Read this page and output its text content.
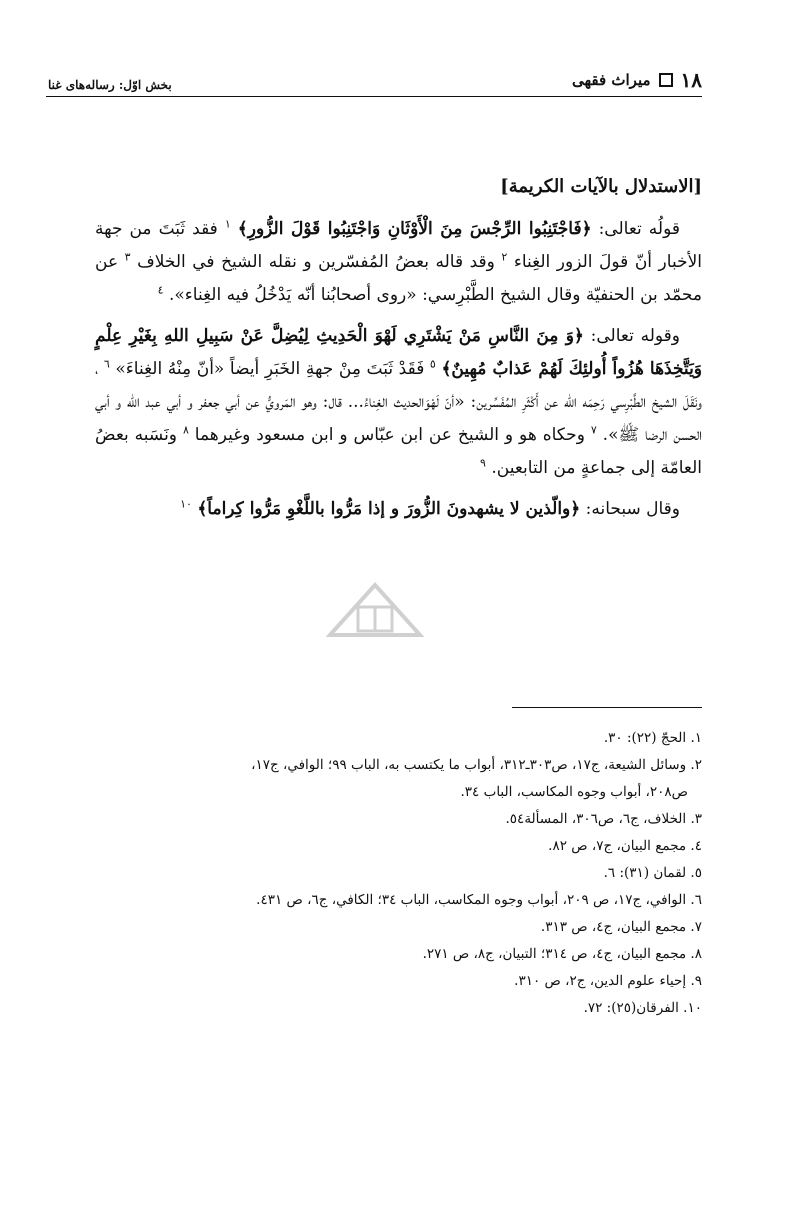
۱۸
میراث فقهی
بخش اوّل: رساله‌های غنا

[الاستدلال بالآيات الكريمة]

قولُه تعالى: ﴿فَاجْتَنِبُوا الرِّجْسَ مِنَ الْأَوْثَانِ وَاجْتَنِبُوا قَوْلَ الزُّورِ﴾ $^١$ فقد ثَبَتَ من جهة الأخبار أنّ قولَ الزور الغِناء $^٢$ وقد قاله بعضُ المُفسّرين و نقله الشيخ في الخلاف $^٣$ عن محمّد بن الحنفيّة وقال الشيخ الطَّبْرِسي: «روى أصحابُنا أنّه يَدْخُلُ فيه الغِناء». $^٤$

وقوله تعالى: ﴿وَ مِنَ النَّاسِ مَنْ يَشْتَرِي لَهْوَ الْحَدِيثِ لِيُضِلَّ عَنْ سَبِيلِ اللهِ بِغَيْرِ عِلْمٍ وَيَتَّخِذَهَا هُزُواً أُولئِكَ لَهُمْ عَذابٌ مُهِينٌ﴾ $^٥$ فَقَدْ ثَبَتَ مِنْ جهةِ الخَبَرِ أيضاً «أنّ مِنْهُ الغِناءَ» $^٦$ ، ونَقَلَ الشيخ الطَّبْرِسي رَحِمَه الله عن أَكْثَرِ المُفَسِّرين: «أنّ لَهْوَالحديث الغِناءُ... قال: وهو المَرويُّ عن أبي جعفر و أبي عبد الله و أبي الحسن الرضا ﷺ». $^٧$ وحكاه هو و الشيخ عن ابن عبّاس و ابن مسعود وغيرهما $^٨$ ونَسَبه بعضُ العامّة إلى جماعةٍ من التابعين. $^٩$

وقال سبحانه: ﴿والّذين لا يشهدونَ الزُّورَ و إذا مَرُّوا باللَّغْوِ مَرُّوا كِراماً﴾ $^{١٠}$

١. الحجّ (٢٢): ٣٠.

٢. وسائل الشيعة، ج١٧، ص٣٠٣ـ٣١٢، أبواب ما يكتسب به، الباب ٩٩؛ الوافي، ج١٧،

ص٢٠٨، أبواب وجوه المكاسب، الباب ٣٤.

٣. الخلاف، ج٦، ص٣٠٦، المسألة٥٤.

٤. مجمع البيان، ج٧، ص ٨٢.

٥. لقمان (٣١): ٦.

٦. الوافي، ج١٧، ص ٢٠٩، أبواب وجوه المكاسب، الباب ٣٤؛ الكافي، ج٦، ص ٤٣١.

٧. مجمع البيان، ج٤، ص ٣١٣.

٨. مجمع البيان، ج٤، ص ٣١٤؛ التبيان، ج٨، ص ٢٧١.

٩. إحياء علوم الدين، ج٢، ص ٣١٠.

١٠. الفرقان(٢٥): ٧٢.
